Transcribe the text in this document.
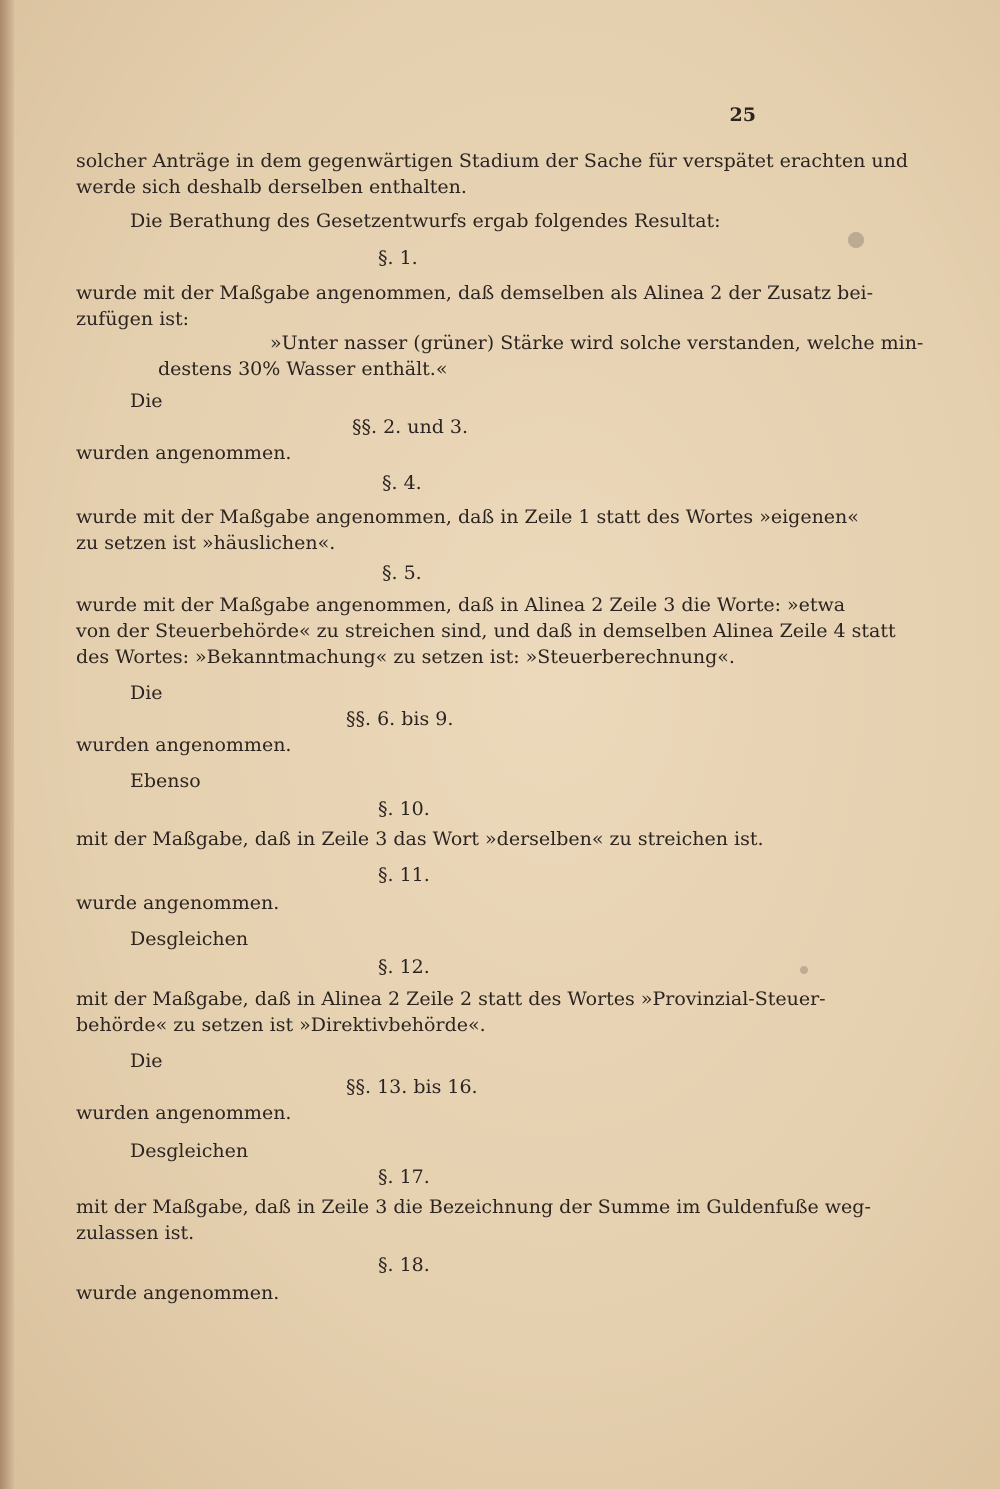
25
solcher Anträge in dem gegenwärtigen Stadium der Sache für verspätet erachten und
werde sich deshalb derselben enthalten.
Die Berathung des Gesetzentwurfs ergab folgendes Resultat:
§. 1.
wurde mit der Maßgabe angenommen, daß demselben als Alinea 2 der Zusatz bei-
zufügen ist:
»Unter nasser (grüner) Stärke wird solche verstanden, welche min-
destens 30% Wasser enthält.«
Die
§§. 2. und 3.
wurden angenommen.
§. 4.
wurde mit der Maßgabe angenommen, daß in Zeile 1 statt des Wortes »eigenen«
zu setzen ist »häuslichen«.
§. 5.
wurde mit der Maßgabe angenommen, daß in Alinea 2 Zeile 3 die Worte: »etwa
von der Steuerbehörde« zu streichen sind, und daß in demselben Alinea Zeile 4 statt
des Wortes: »Bekanntmachung« zu setzen ist: »Steuerberechnung«.
Die
§§. 6. bis 9.
wurden angenommen.
Ebenso
§. 10.
mit der Maßgabe, daß in Zeile 3 das Wort »derselben« zu streichen ist.
§. 11.
wurde angenommen.
Desgleichen
§. 12.
mit der Maßgabe, daß in Alinea 2 Zeile 2 statt des Wortes »Provinzial-Steuer-
behörde« zu setzen ist »Direktivbehörde«.
Die
§§. 13. bis 16.
wurden angenommen.
Desgleichen
§. 17.
mit der Maßgabe, daß in Zeile 3 die Bezeichnung der Summe im Guldenfuße weg-
zulassen ist.
§. 18.
wurde angenommen.
